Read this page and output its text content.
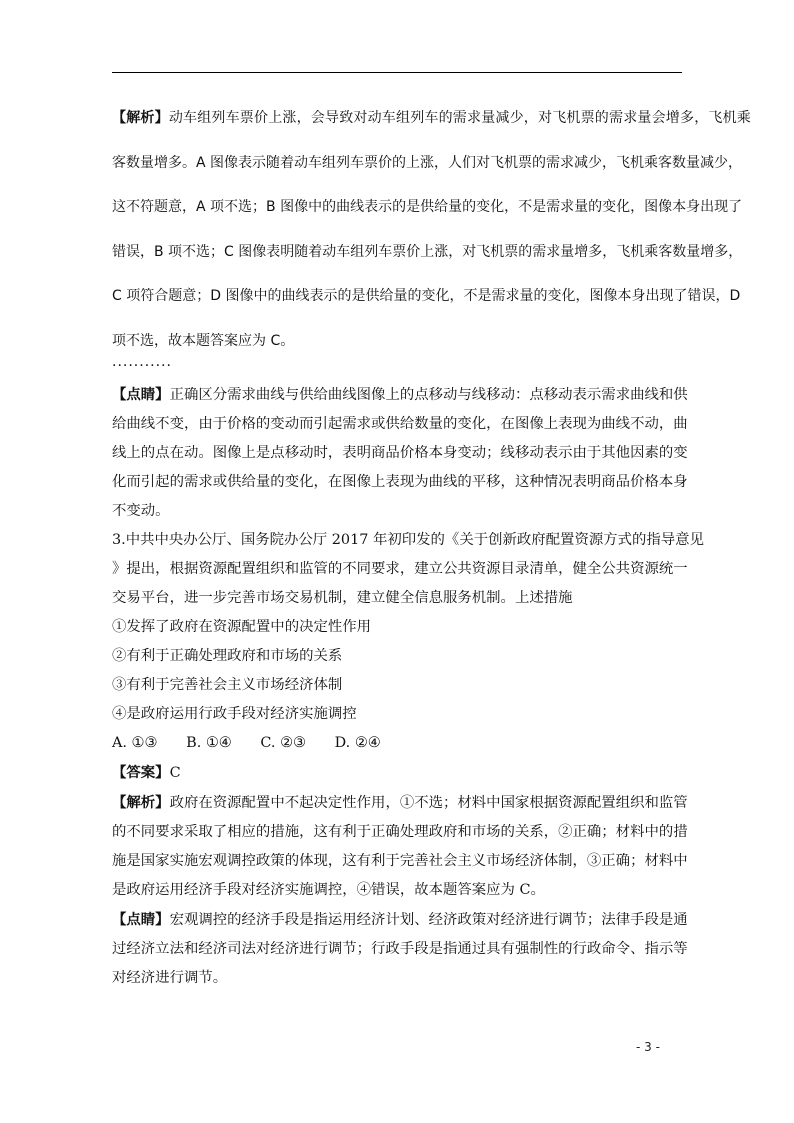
【解析】动车组列车票价上涨，会导致对动车组列车的需求量减少，对飞机票的需求量会增多，飞机乘

客数量增多。A 图像表示随着动车组列车票价的上涨，人们对飞机票的需求减少，飞机乘客数量减少，

这不符题意，A 项不选；B 图像中的曲线表示的是供给量的变化，不是需求量的变化，图像本身出现了

错误，B 项不选；C 图像表明随着动车组列车票价上涨，对飞机票的需求量增多，飞机乘客数量增多，

C 项符合题意；D 图像中的曲线表示的是供给量的变化，不是需求量的变化，图像本身出现了错误，D

项不选，故本题答案应为 C。

...........

【点睛】正确区分需求曲线与供给曲线图像上的点移动与线移动：点移动表示需求曲线和供

给曲线不变，由于价格的变动而引起需求或供给数量的变化，在图像上表现为曲线不动，曲

线上的点在动。图像上是点移动时，表明商品价格本身变动；线移动表示由于其他因素的变

化而引起的需求或供给量的变化，在图像上表现为曲线的平移，这种情况表明商品价格本身

不变动。

3.中共中央办公厅、国务院办公厅 2017 年初印发的《关于创新政府配置资源方式的指导意见

》提出，根据资源配置组织和监管的不同要求，建立公共资源目录清单，健全公共资源统一

交易平台，进一步完善市场交易机制，建立健全信息服务机制。上述措施

①发挥了政府在资源配置中的决定性作用

②有利于正确处理政府和市场的关系

③有利于完善社会主义市场经济体制

④是政府运用行政手段对经济实施调控

A. ①③　　B. ①④　　C. ②③　　D. ②④

【答案】C

【解析】政府在资源配置中不起决定性作用，①不选；材料中国家根据资源配置组织和监管

的不同要求采取了相应的措施，这有利于正确处理政府和市场的关系，②正确；材料中的措

施是国家实施宏观调控政策的体现，这有利于完善社会主义市场经济体制，③正确；材料中

是政府运用经济手段对经济实施调控，④错误，故本题答案应为 C。

【点睛】宏观调控的经济手段是指运用经济计划、经济政策对经济进行调节；法律手段是通

过经济立法和经济司法对经济进行调节；行政手段是指通过具有强制性的行政命令、指示等

对经济进行调节。

- 3 -
